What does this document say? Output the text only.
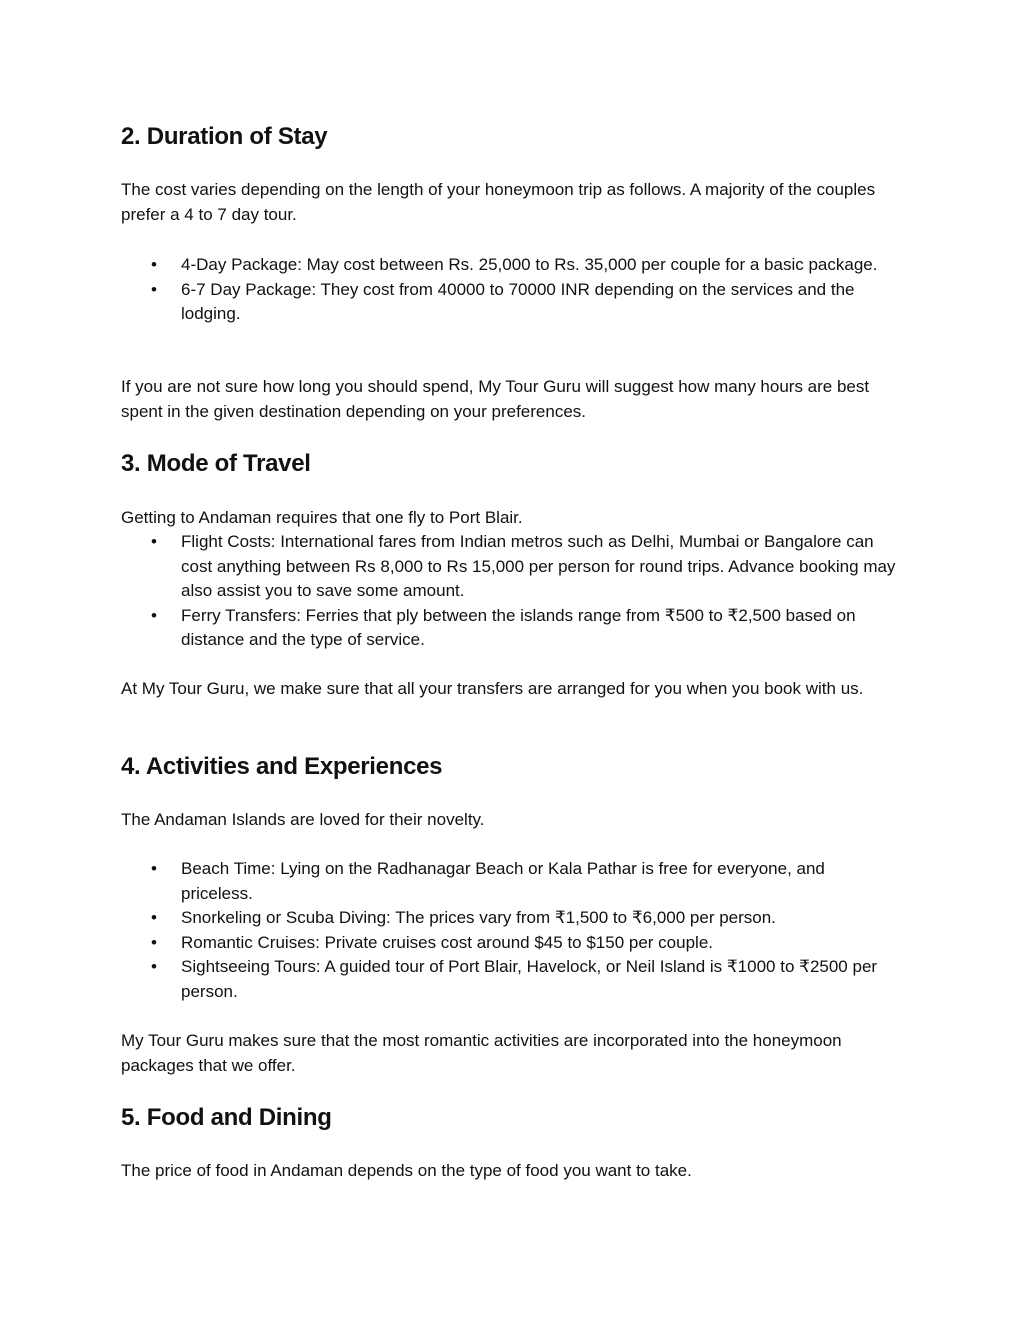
2. Duration of Stay

The cost varies depending on the length of your honeymoon trip as follows. A majority of the couples prefer a 4 to 7 day tour.

• 4-Day Package: May cost between Rs. 25,000 to Rs. 35,000 per couple for a basic package.
• 6-7 Day Package: They cost from 40000 to 70000 INR depending on the services and the lodging.

If you are not sure how long you should spend, My Tour Guru will suggest how many hours are best spent in the given destination depending on your preferences.

3. Mode of Travel

Getting to Andaman requires that one fly to Port Blair.

• Flight Costs: International fares from Indian metros such as Delhi, Mumbai or Bangalore can cost anything between Rs 8,000 to Rs 15,000 per person for round trips. Advance booking may also assist you to save some amount.
• Ferry Transfers: Ferries that ply between the islands range from ₹500 to ₹2,500 based on distance and the type of service.

At My Tour Guru, we make sure that all your transfers are arranged for you when you book with us.

4. Activities and Experiences

The Andaman Islands are loved for their novelty.

• Beach Time: Lying on the Radhanagar Beach or Kala Pathar is free for everyone, and priceless.
• Snorkeling or Scuba Diving: The prices vary from ₹1,500 to ₹6,000 per person.
• Romantic Cruises: Private cruises cost around $45 to $150 per couple.
• Sightseeing Tours: A guided tour of Port Blair, Havelock, or Neil Island is ₹1000 to ₹2500 per person.

My Tour Guru makes sure that the most romantic activities are incorporated into the honeymoon packages that we offer.

5. Food and Dining

The price of food in Andaman depends on the type of food you want to take.
